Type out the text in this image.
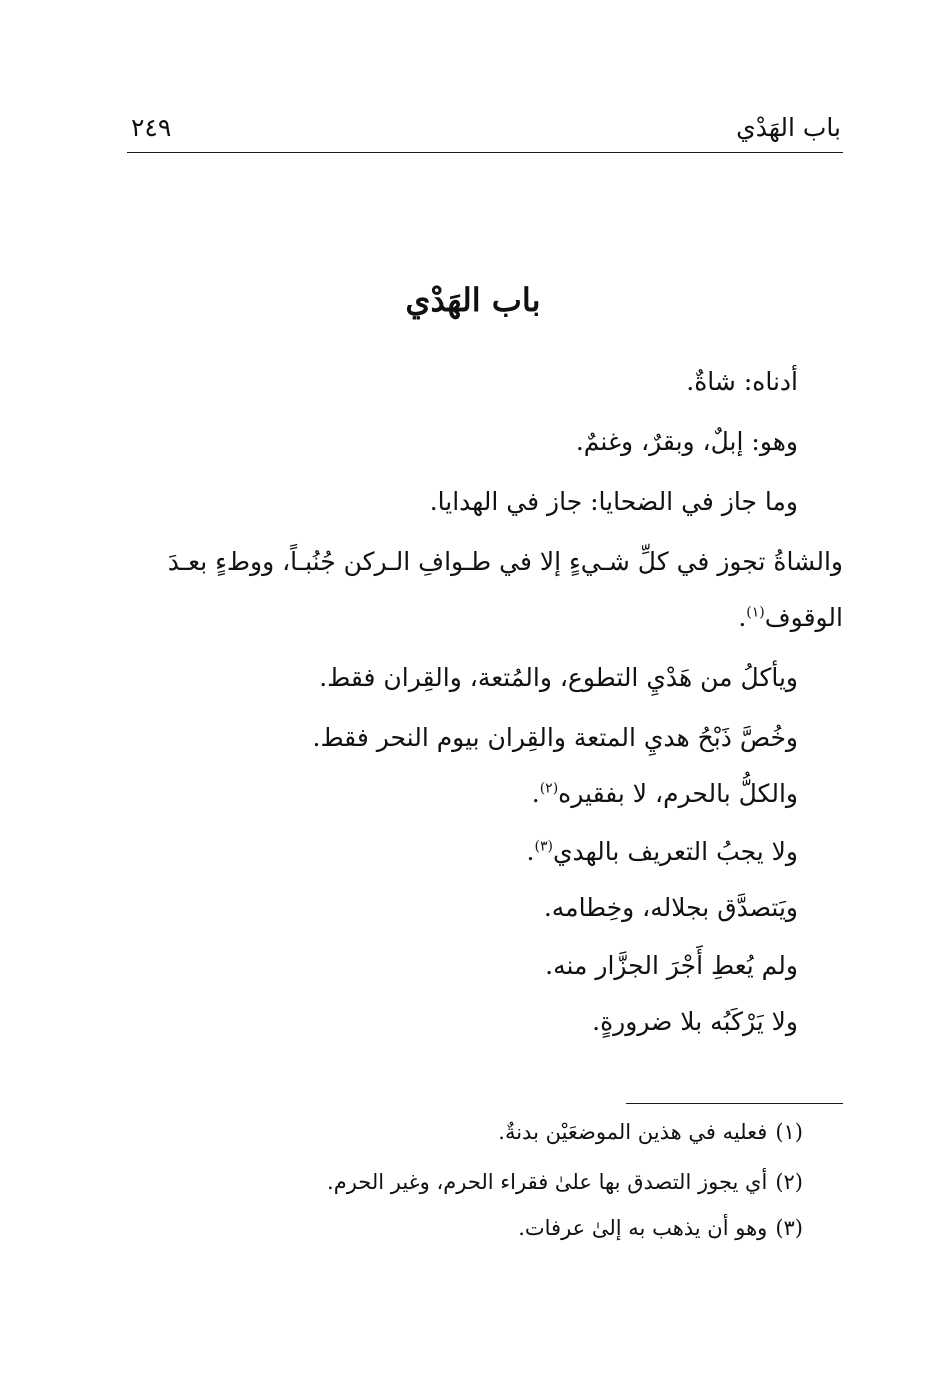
باب الهَدْي
٢٤٩
باب الهَدْي
أدناه: شاةٌ.
وهو: إبلٌ، وبقرٌ، وغنمٌ.
وما جاز في الضحايا: جاز في الهدايا.
والشاةُ تجوز في كلِّ شـيءٍ إلا في طـوافِ الـركن جُنُبـاً، ووطءٍ بعـدَ
الوقوف$^{(١)}$.
ويأكلُ من هَدْيِ التطوع، والمُتعة، والقِران فقط.
وخُصَّ ذَبْحُ هديِ المتعة والقِران بيوم النحر فقط.
والكلُّ بالحرم، لا بفقيره$^{(٢)}$.
ولا يجبُ التعريف بالهدي$^{(٣)}$.
ويَتصدَّق بجلاله، وخِطامه.
ولم يُعطِ أَجْرَ الجزَّار منه.
ولا يَرْكَبُه بلا ضرورةٍ.
(١)فعليه في هذين الموضعَيْن بدنةٌ.
(٢)أي يجوز التصدق بها علىٰ فقراء الحرم، وغير الحرم.
(٣)وهو أن يذهب به إلىٰ عرفات.
